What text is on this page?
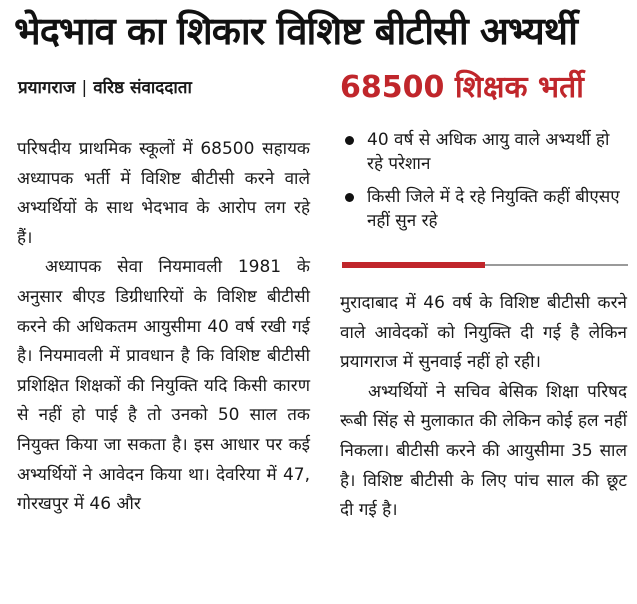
भेदभाव का शिकार विशिष्ट बीटीसी अभ्यर्थी
प्रयागराज | वरिष्ठ संवाददाता	68500 शिक्षक भर्ती
40 वर्ष से अधिक आयु वाले अभ्यर्थी हो रहे परेशान
किसी जिले में दे रहे नियुक्ति कहीं बीएसए नहीं सुन रहे

परिषदीय प्राथमिक स्कूलों में 68500 सहायक अध्यापक भर्ती में विशिष्ट बीटीसी करने वाले अभ्यर्थियों के साथ भेदभाव के आरोप लग रहे हैं।

अध्यापक सेवा नियमावली 1981 के अनुसार बीएड डिग्रीधारियों के विशिष्ट बीटीसी करने की अधिकतम आयुसीमा 40 वर्ष रखी गई है। नियमावली में प्रावधान है कि विशिष्ट बीटीसी प्रशिक्षित शिक्षकों की नियुक्ति यदि किसी कारण से नहीं हो पाई है तो उनको 50 साल तक नियुक्त किया जा सकता है। इस आधार पर कई अभ्यर्थियों ने आवेदन किया था। देवरिया में 47, गोरखपुर में 46 और

मुरादाबाद में 46 वर्ष के विशिष्ट बीटीसी करने वाले आवेदकों को नियुक्ति दी गई है लेकिन प्रयागराज में सुनवाई नहीं हो रही।

अभ्यर्थियों ने सचिव बेसिक शिक्षा परिषद रूबी सिंह से मुलाकात की लेकिन कोई हल नहीं निकला। बीटीसी करने की आयुसीमा 35 साल है। विशिष्ट बीटीसी के लिए पांच साल की छूट दी गई है।
